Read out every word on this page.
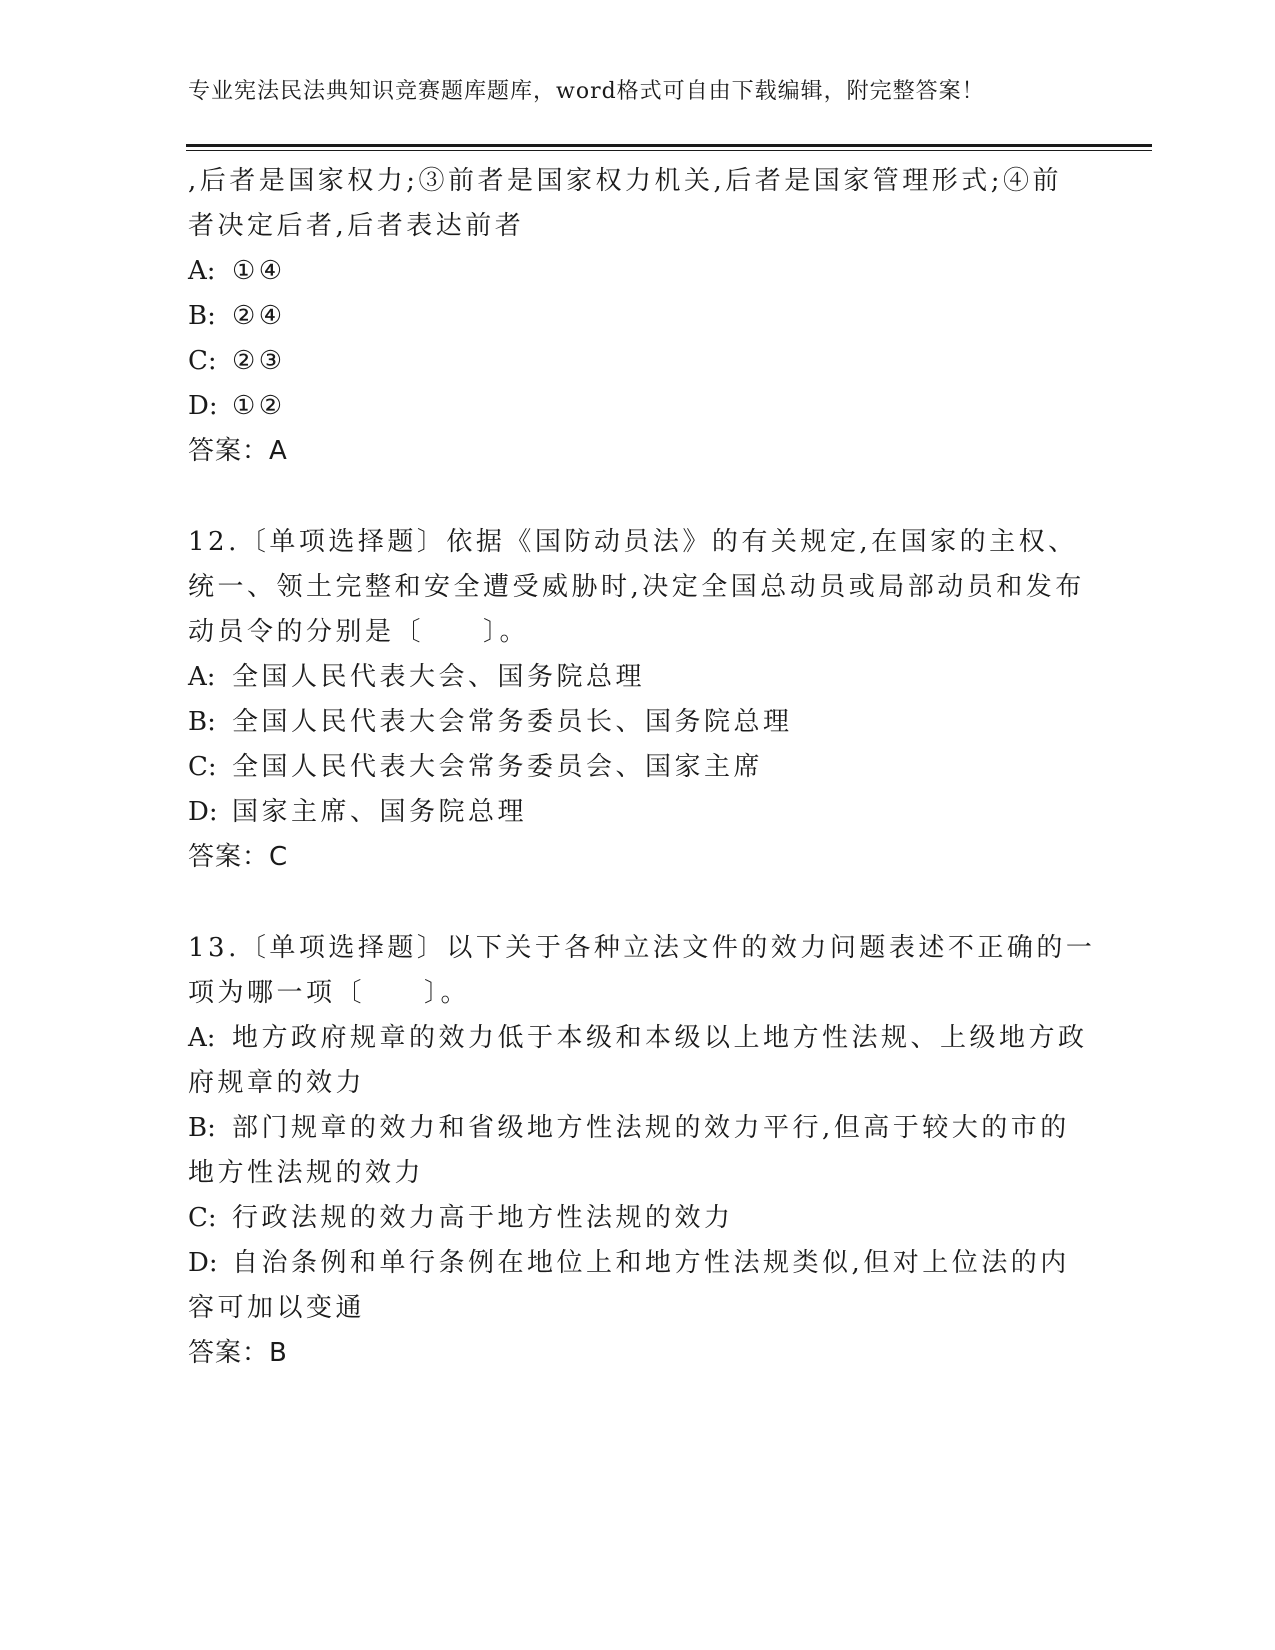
专业宪法民法典知识竞赛题库题库，word格式可自由下载编辑，附完整答案！
,后者是国家权力;③前者是国家权力机关,后者是国家管理形式;④前
者决定后者,后者表达前者
A: ①④
B: ②④
C: ②③
D: ①②
答案：A
12.〔单项选择题〕依据《国防动员法》的有关规定,在国家的主权、
统一、领土完整和安全遭受威胁时,决定全国总动员或局部动员和发布
动员令的分别是〔　　〕。
A: 全国人民代表大会、国务院总理
B: 全国人民代表大会常务委员长、国务院总理
C: 全国人民代表大会常务委员会、国家主席
D: 国家主席、国务院总理
答案：C
13.〔单项选择题〕以下关于各种立法文件的效力问题表述不正确的一
项为哪一项〔　　〕。
A: 地方政府规章的效力低于本级和本级以上地方性法规、上级地方政
府规章的效力
B: 部门规章的效力和省级地方性法规的效力平行,但高于较大的市的
地方性法规的效力
C: 行政法规的效力高于地方性法规的效力
D: 自治条例和单行条例在地位上和地方性法规类似,但对上位法的内
容可加以变通
答案：B
